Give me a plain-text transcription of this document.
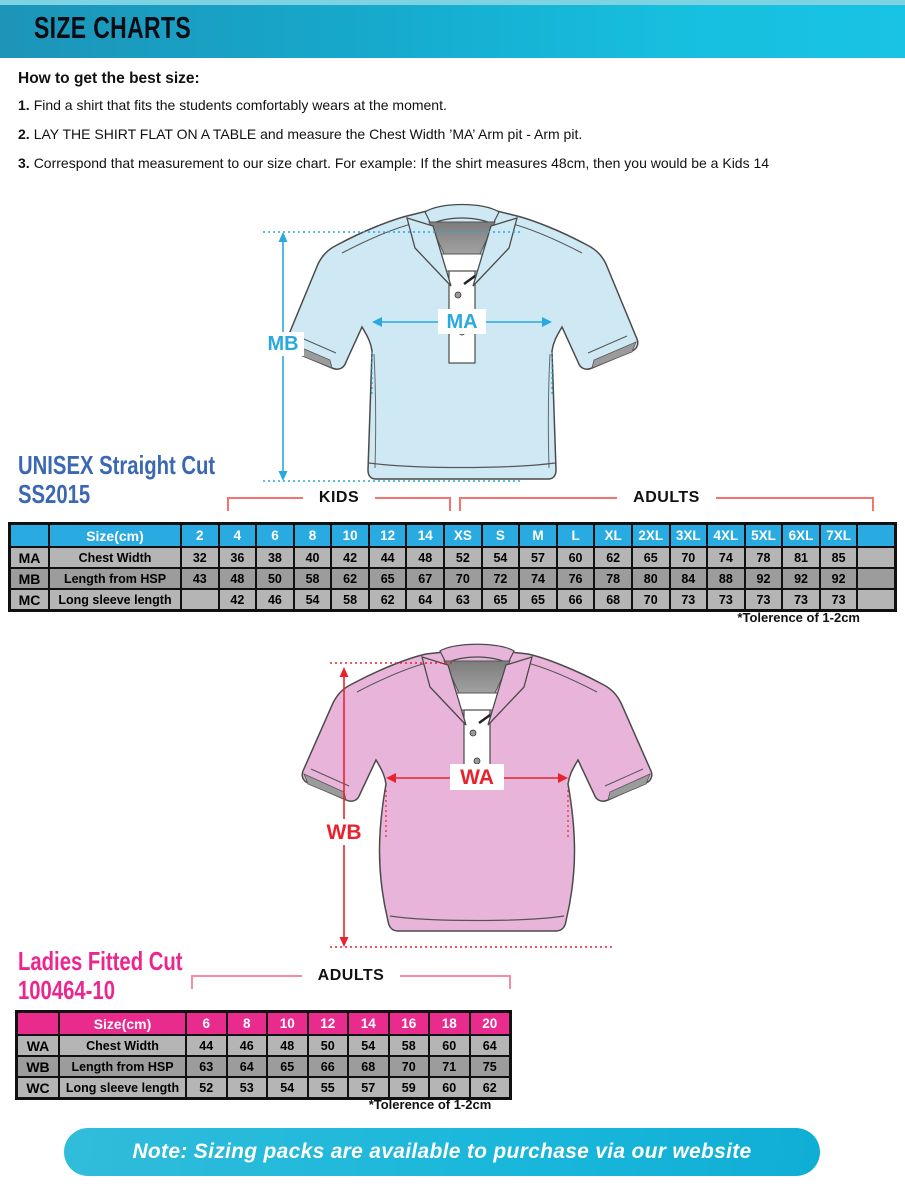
SIZE CHARTS
How to get the best size:

1. Find a shirt that fits the students comfortably wears at the moment.

2. LAY THE SHIRT FLAT ON A TABLE and measure the Chest Width ’MA’ Arm pit - Arm pit.

3. Correspond that measurement to our size chart. For example: If the shirt measures 48cm, then you would be a Kids 14

MA
MB
UNISEX Straight Cut
SS2015	KIDS	ADULTS
	Size(cm)	2	4	6	8	10	12	14	XS	S	M	L	XL	2XL	3XL	4XL	5XL	6XL	7XL	
MA	Chest Width	32	36	38	40	42	44	48	52	54	57	60	62	65	70	74	78	81	85	
MB	Length from HSP	43	48	50	58	62	65	67	70	72	74	76	78	80	84	88	92	92	92	
MC	Long sleeve length		42	46	54	58	62	64	63	65	65	66	68	70	73	73	73	73	73	
*Tolerence of 1-2cm
WA
WB
Ladies Fitted Cut
100464-10	ADULTS
	Size(cm)	6	8	10	12	14	16	18	20
WA	Chest Width	44	46	48	50	54	58	60	64
WB	Length from HSP	63	64	65	66	68	70	71	75
WC	Long sleeve length	52	53	54	55	57	59	60	62
*Tolerence of 1-2cm
Note: Sizing packs are available to purchase via our website
